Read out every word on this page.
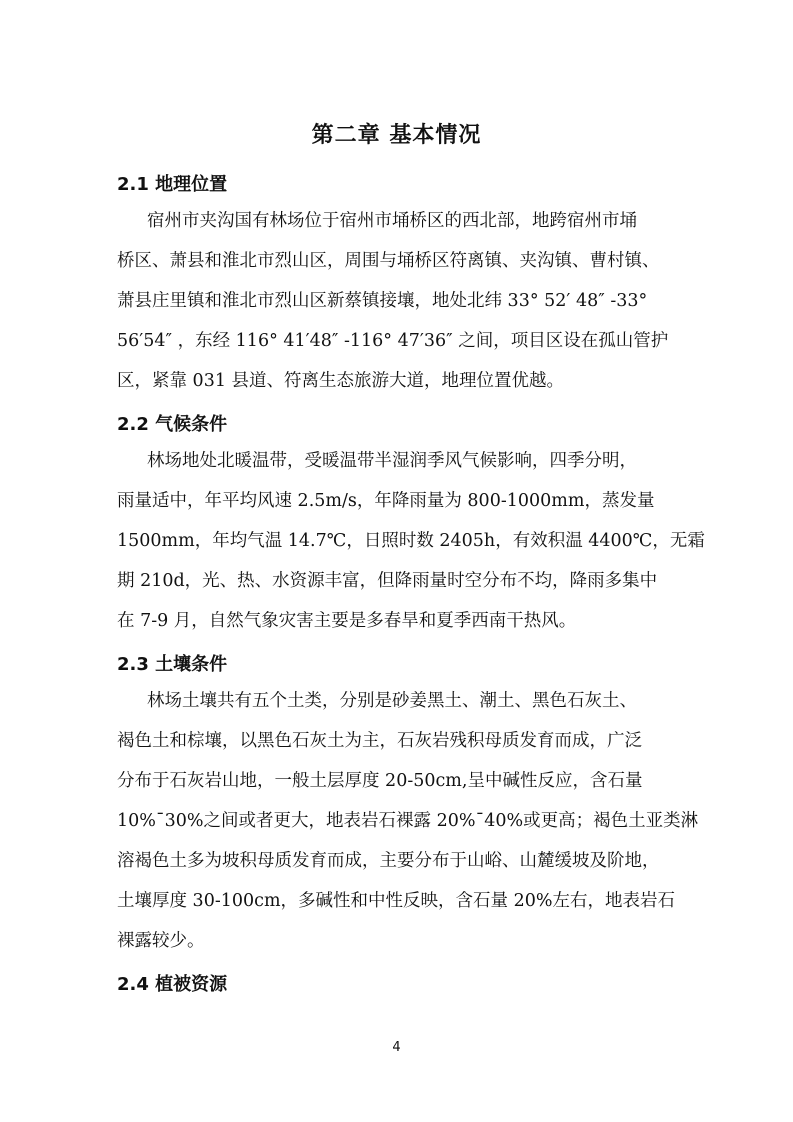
第二章 基本情况
2.1 地理位置
宿州市夹沟国有林场位于宿州市埇桥区的西北部，地跨宿州市埇
桥区、萧县和淮北市烈山区，周围与埇桥区符离镇、夹沟镇、曹村镇、
萧县庄里镇和淮北市烈山区新蔡镇接壤，地处北纬 33° 52′ 48″ -33°
56′54″ ，东经 116° 41′48″ -116° 47′36″ 之间，项目区设在孤山管护
区，紧靠 031 县道、符离生态旅游大道，地理位置优越。
2.2 气候条件
林场地处北暖温带，受暖温带半湿润季风气候影响，四季分明，
雨量适中，年平均风速 2.5m/s，年降雨量为 800-1000mm，蒸发量
1500mm，年均气温 14.7℃，日照时数 2405h，有效积温 4400℃，无霜
期 210d，光、热、水资源丰富，但降雨量时空分布不均，降雨多集中
在 7-9 月，自然气象灾害主要是多春旱和夏季西南干热风。
2.3 土壤条件
林场土壤共有五个土类，分别是砂姜黑土、潮土、黑色石灰土、
褐色土和棕壤，以黑色石灰土为主，石灰岩残积母质发育而成，广泛
分布于石灰岩山地，一般土层厚度 20-50cm,呈中碱性反应，含石量
10%¯30%之间或者更大，地表岩石裸露 20%¯40%或更高；褐色土亚类淋
溶褐色土多为坡积母质发育而成，主要分布于山峪、山麓缓坡及阶地，
土壤厚度 30-100cm，多碱性和中性反映，含石量 20%左右，地表岩石
裸露较少。
2.4 植被资源
4
